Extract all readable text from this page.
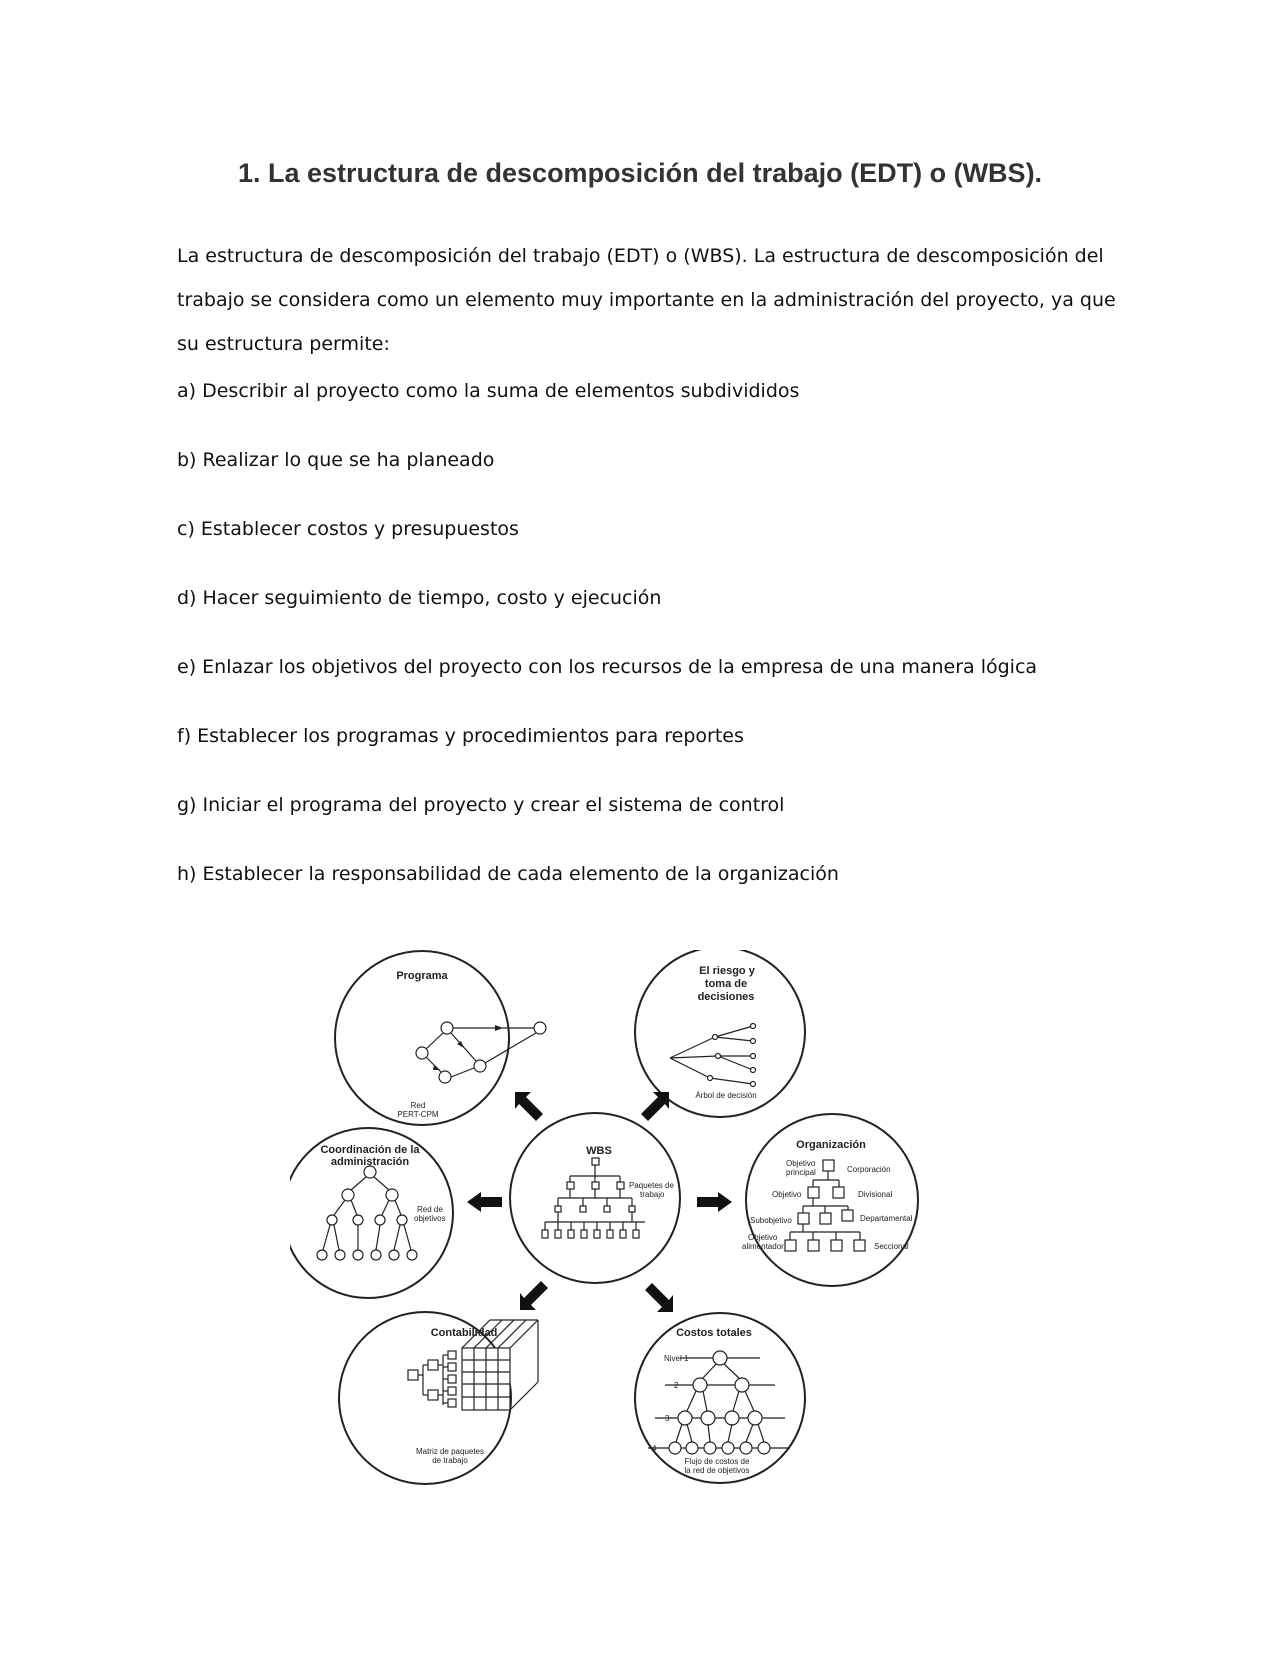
1. La estructura de descomposición del trabajo (EDT) o (WBS).
La estructura de descomposición del trabajo (EDT) o (WBS). La estructura de descomposición del
trabajo se considera como un elemento muy importante en la administración del proyecto, ya que
su estructura permite:
a) Describir al proyecto como la suma de elementos subdivididos
b) Realizar lo que se ha planeado
c) Establecer costos y presupuestos
d) Hacer seguimiento de tiempo, costo y ejecución
e) Enlazar los objetivos del proyecto con los recursos de la empresa de una manera lógica
f) Establecer los programas y procedimientos para reportes
g) Iniciar el programa del proyecto y crear el sistema de control
h) Establecer la responsabilidad de cada elemento de la organización
Programa
Red
PERT-CPM
El riesgo y
toma de
decisiones
Árbol de decisión
Coordinación de la
administración
Red de
objetivos
WBS
Paquetes de
trabajo
Organización
Objetivo
principal
Objetivo
Subobjetivo
Objetivo
alimentador
Corporación
Divisional
Departamental
Seccional
Contabilidad
Matriz de paquetes
de trabajo
Costos totales
Nivel 1
2
3
4
Flujo de costos de
la red de objetivos
